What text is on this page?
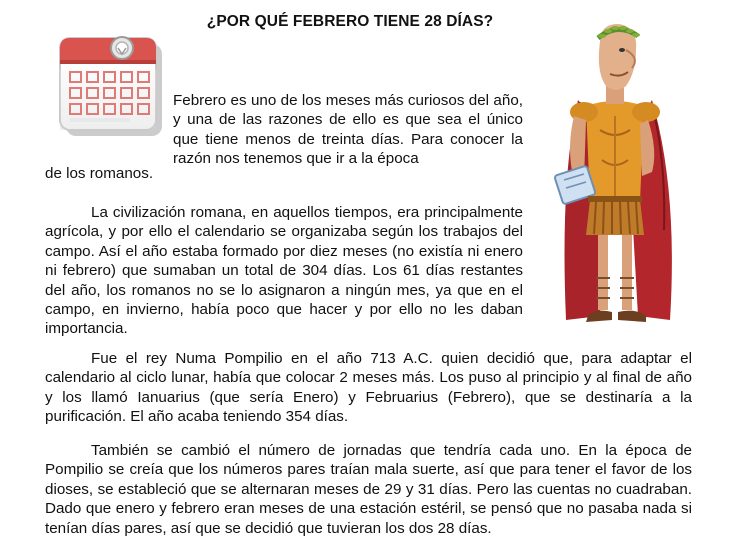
¿POR QUÉ FEBRERO TIENE 28 DÍAS?

Febrero es uno de los meses más curiosos del año, y una de las razones de ello es que sea el único que tiene menos de treinta días. Para conocer la razón nos tenemos que ir a la época

de los romanos.

La civilización romana, en aquellos tiempos, era principalmente agrícola, y por ello el calendario se organizaba según los trabajos del campo. Así el año estaba formado por diez meses (no existía ni enero ni febrero) que sumaban un total de 304 días. Los 61 días restantes del año, los romanos no se lo asignaron a ningún mes, ya que en el campo, en invierno, había poco que hacer y por ello no les daban importancia.

Fue el rey Numa Pompilio en el año 713 A.C. quien decidió que, para adaptar el calendario al ciclo lunar, había que colocar 2 meses más. Los puso al principio y al final de año y los llamó Ianuarius (que sería Enero) y Februarius (Febrero), que se destinaría a la purificación. El año acaba teniendo 354 días.

También se cambió el número de jornadas que tendría cada uno. En la época de Pompilio se creía que los números pares traían mala suerte, así que para tener el favor de los dioses, se estableció que se alternaran meses de 29 y 31 días. Pero las cuentas no cuadraban. Dado que enero y febrero eran meses de una estación estéril, se pensó que no pasaba nada si tenían días pares, así que se decidió que tuvieran los dos 28 días.
